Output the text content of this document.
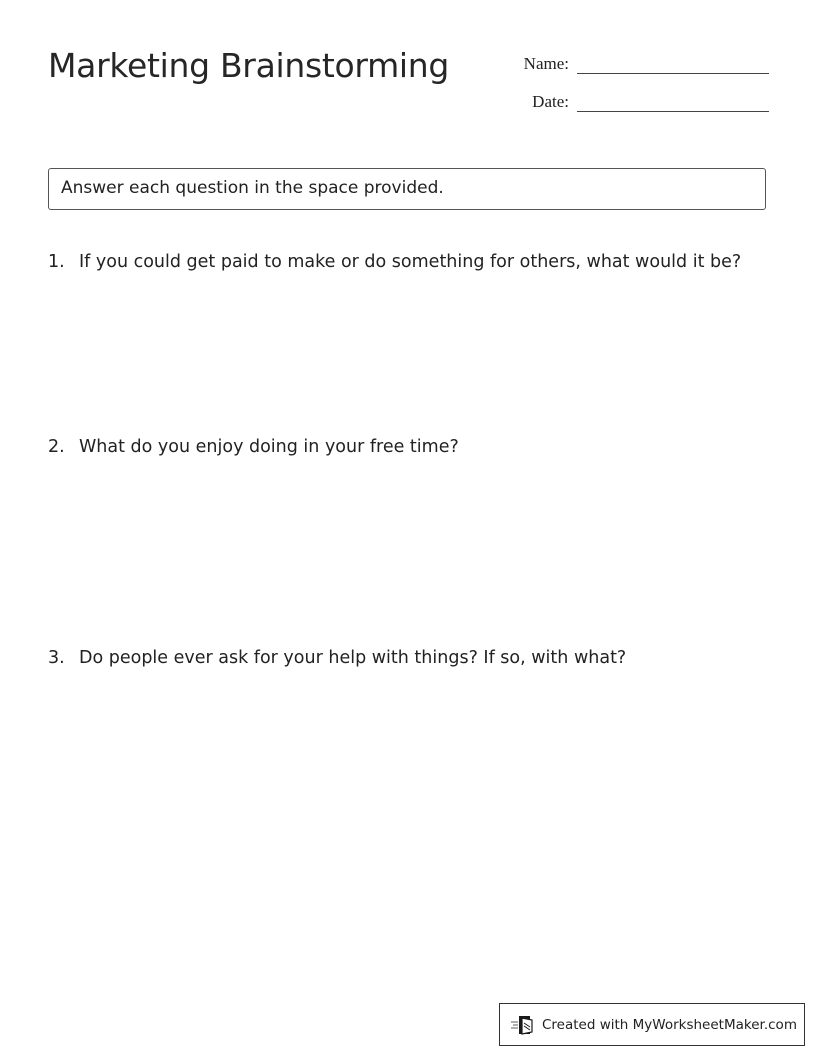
Marketing Brainstorming	Name:
Date:
Answer each question in the space provided.
1. If you could get paid to make or do something for others, what would it be?
2. What do you enjoy doing in your free time?
3. Do people ever ask for your help with things? If so, with what?
Created with MyWorksheetMaker.com
